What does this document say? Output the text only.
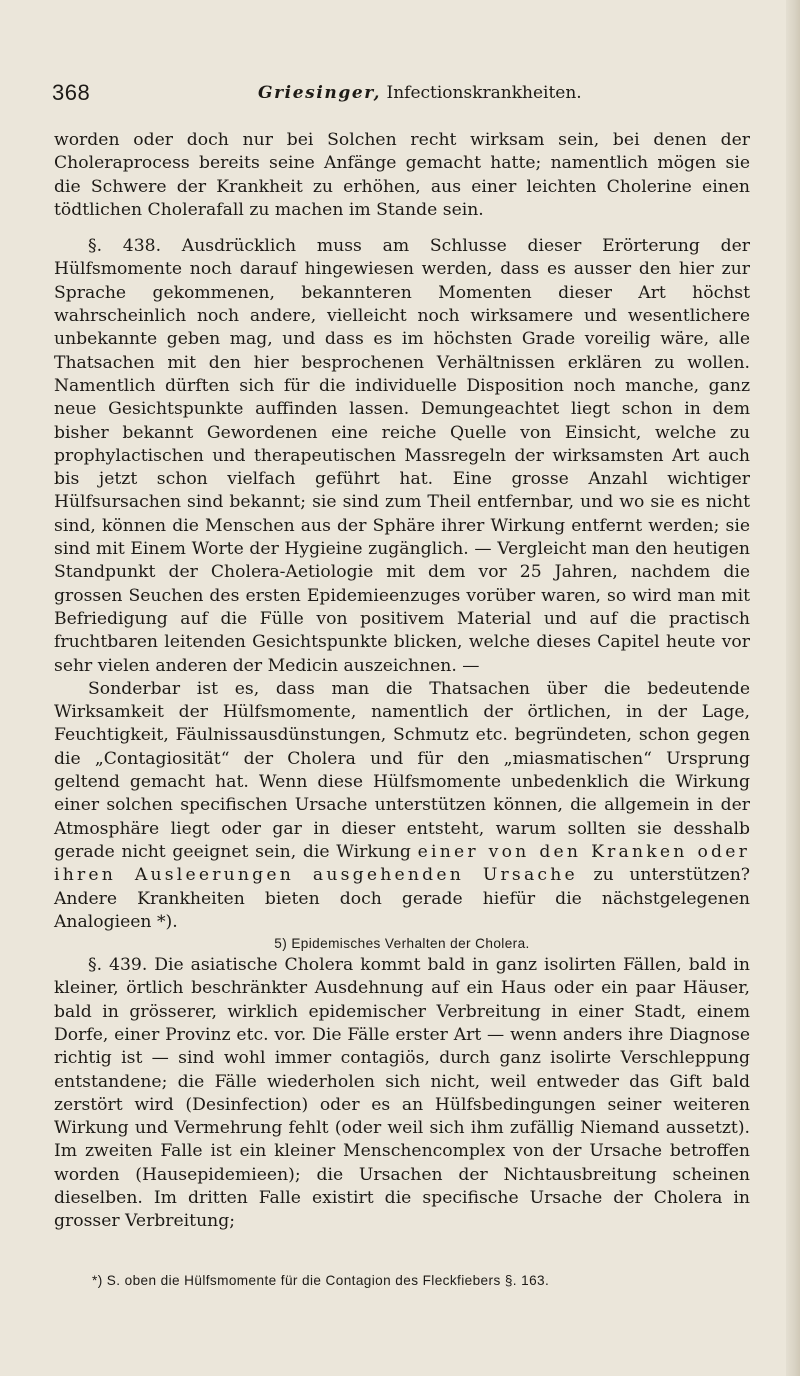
368	Griesinger, Infectionskrankheiten.

worden oder doch nur bei Solchen recht wirksam sein, bei denen der Choleraprocess bereits seine Anfänge gemacht hatte; namentlich mögen sie die Schwere der Krankheit zu erhöhen, aus einer leichten Cholerine einen tödtlichen Cholerafall zu machen im Stande sein.

§. 438. Ausdrücklich muss am Schlusse dieser Erörterung der Hülfsmomente noch darauf hingewiesen werden, dass es ausser den hier zur Sprache gekommenen, bekannteren Momenten dieser Art höchst wahrscheinlich noch andere, vielleicht noch wirksamere und wesentlichere unbekannte geben mag, und dass es im höchsten Grade voreilig wäre, alle Thatsachen mit den hier besprochenen Verhältnissen erklären zu wollen. Namentlich dürften sich für die individuelle Disposition noch manche, ganz neue Gesichtspunkte auffinden lassen. Demungeachtet liegt schon in dem bisher bekannt Gewordenen eine reiche Quelle von Einsicht, welche zu prophylactischen und therapeutischen Massregeln der wirksamsten Art auch bis jetzt schon vielfach geführt hat. Eine grosse Anzahl wichtiger Hülfsursachen sind bekannt; sie sind zum Theil entfernbar, und wo sie es nicht sind, können die Menschen aus der Sphäre ihrer Wirkung entfernt werden; sie sind mit Einem Worte der Hygieine zugänglich. — Vergleicht man den heutigen Standpunkt der Cholera-Aetiologie mit dem vor 25 Jahren, nachdem die grossen Seuchen des ersten Epidemieenzuges vorüber waren, so wird man mit Befriedigung auf die Fülle von positivem Material und auf die practisch fruchtbaren leitenden Gesichtspunkte blicken, welche dieses Capitel heute vor sehr vielen anderen der Medicin auszeichnen. —

Sonderbar ist es, dass man die Thatsachen über die bedeutende Wirksamkeit der Hülfsmomente, namentlich der örtlichen, in der Lage, Feuchtigkeit, Fäulnissausdünstungen, Schmutz etc. begründeten, schon gegen die „Contagiosität“ der Cholera und für den „miasmatischen“ Ursprung geltend gemacht hat. Wenn diese Hülfsmomente unbedenklich die Wirkung einer solchen specifischen Ursache unterstützen können, die allgemein in der Atmosphäre liegt oder gar in dieser entsteht, warum sollten sie desshalb gerade nicht geeignet sein, die Wirkung einer von den Kranken oder ihren Ausleerungen ausgehenden Ursache zu unterstützen? Andere Krankheiten bieten doch gerade hiefür die nächstgelegenen Analogieen *).

5) Epidemisches Verhalten der Cholera.

§. 439. Die asiatische Cholera kommt bald in ganz isolirten Fällen, bald in kleiner, örtlich beschränkter Ausdehnung auf ein Haus oder ein paar Häuser, bald in grösserer, wirklich epidemischer Verbreitung in einer Stadt, einem Dorfe, einer Provinz etc. vor. Die Fälle erster Art — wenn anders ihre Diagnose richtig ist — sind wohl immer contagiös, durch ganz isolirte Verschleppung entstandene; die Fälle wiederholen sich nicht, weil entweder das Gift bald zerstört wird (Desinfection) oder es an Hülfsbedingungen seiner weiteren Wirkung und Vermehrung fehlt (oder weil sich ihm zufällig Niemand aussetzt). Im zweiten Falle ist ein kleiner Menschencomplex von der Ursache betroffen worden (Hausepidemieen); die Ursachen der Nichtausbreitung scheinen dieselben. Im dritten Falle existirt die specifische Ursache der Cholera in grosser Verbreitung;

*) S. oben die Hülfsmomente für die Contagion des Fleckfiebers §. 163.
